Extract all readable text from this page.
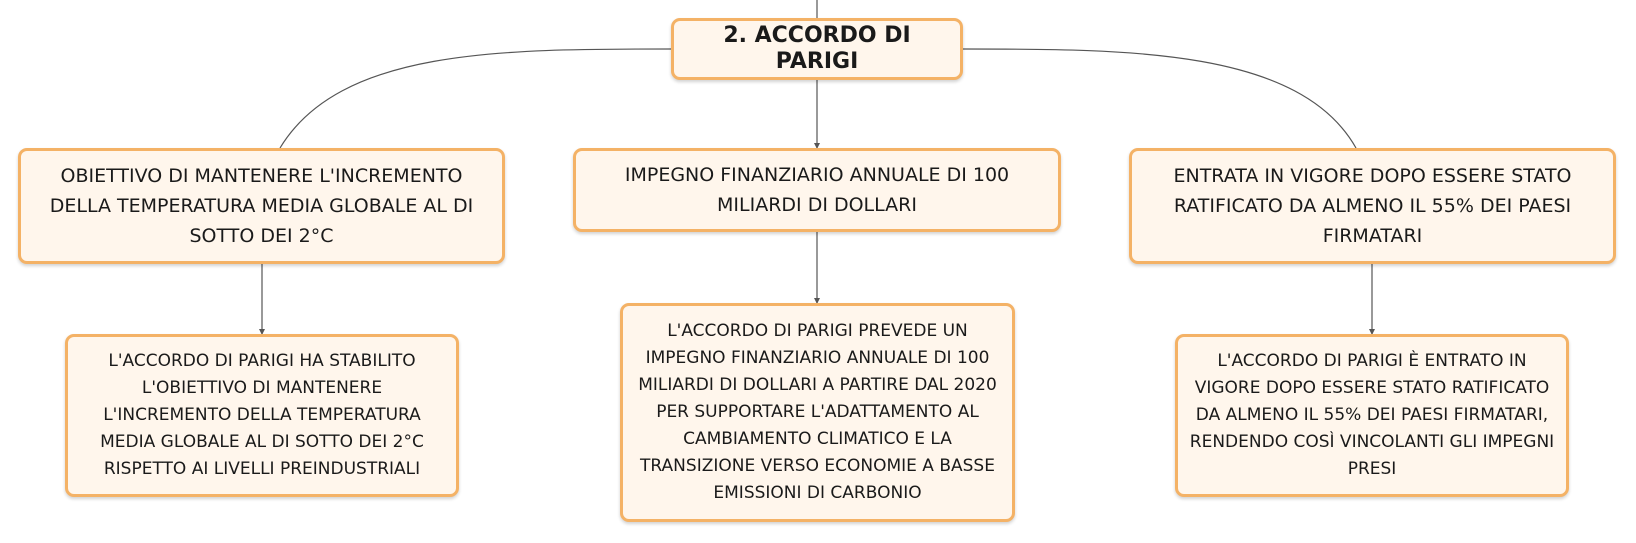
2. ACCORDO DI PARIGI
OBIETTIVO DI MANTENERE L'INCREMENTO DELLA TEMPERATURA MEDIA GLOBALE AL DI SOTTO DEI 2°C
IMPEGNO FINANZIARIO ANNUALE DI 100 MILIARDI DI DOLLARI
ENTRATA IN VIGORE DOPO ESSERE STATO RATIFICATO DA ALMENO IL 55% DEI PAESI FIRMATARI
L'ACCORDO DI PARIGI HA STABILITO L'OBIETTIVO DI MANTENERE L'INCREMENTO DELLA TEMPERATURA MEDIA GLOBALE AL DI SOTTO DEI 2°C RISPETTO AI LIVELLI PREINDUSTRIALI
L'ACCORDO DI PARIGI PREVEDE UN IMPEGNO FINANZIARIO ANNUALE DI 100 MILIARDI DI DOLLARI A PARTIRE DAL 2020 PER SUPPORTARE L'ADATTAMENTO AL CAMBIAMENTO CLIMATICO E LA TRANSIZIONE VERSO ECONOMIE A BASSE EMISSIONI DI CARBONIO
L'ACCORDO DI PARIGI È ENTRATO IN VIGORE DOPO ESSERE STATO RATIFICATO DA ALMENO IL 55% DEI PAESI FIRMATARI, RENDENDO COSÌ VINCOLANTI GLI IMPEGNI PRESI
